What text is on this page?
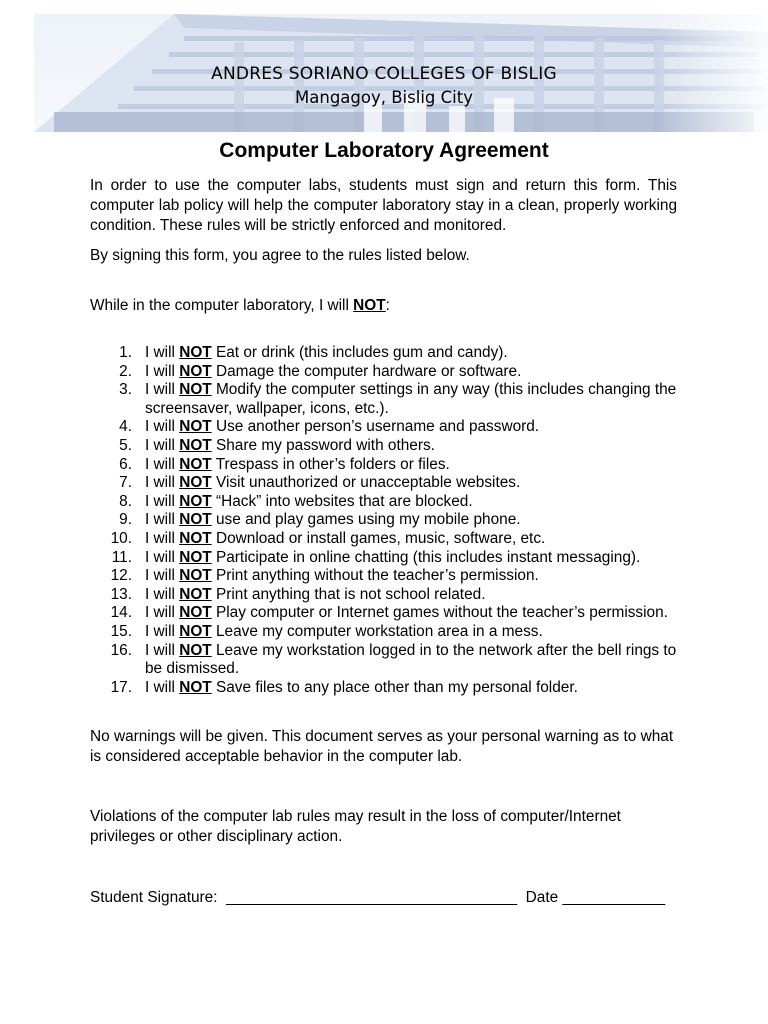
ANDRES SORIANO COLLEGES OF BISLIG
Mangagoy, Bislig City
Computer Laboratory Agreement
In order to use the computer labs, students must sign and return this form. This computer lab policy will help the computer laboratory stay in a clean, properly working condition. These rules will be strictly enforced and monitored.
By signing this form, you agree to the rules listed below.
While in the computer laboratory, I will NOT:
1. I will NOT Eat or drink (this includes gum and candy).
2. I will NOT Damage the computer hardware or software.
3. I will NOT Modify the computer settings in any way (this includes changing the screensaver, wallpaper, icons, etc.).
4. I will NOT Use another person’s username and password.
5. I will NOT Share my password with others.
6. I will NOT Trespass in other’s folders or files.
7. I will NOT Visit unauthorized or unacceptable websites.
8. I will NOT “Hack” into websites that are blocked.
9. I will NOT use and play games using my mobile phone.
10. I will NOT Download or install games, music, software, etc.
11. I will NOT Participate in online chatting (this includes instant messaging).
12. I will NOT Print anything without the teacher’s permission.
13. I will NOT Print anything that is not school related.
14. I will NOT Play computer or Internet games without the teacher’s permission.
15. I will NOT Leave my computer workstation area in a mess.
16. I will NOT Leave my workstation logged in to the network after the bell rings to be dismissed.
17. I will NOT Save files to any place other than my personal folder.
No warnings will be given. This document serves as your personal warning as to what is considered acceptable behavior in the computer lab.
Violations of the computer lab rules may result in the loss of computer/Internet privileges or other disciplinary action.
Student Signature: __________________________________ Date ____________
